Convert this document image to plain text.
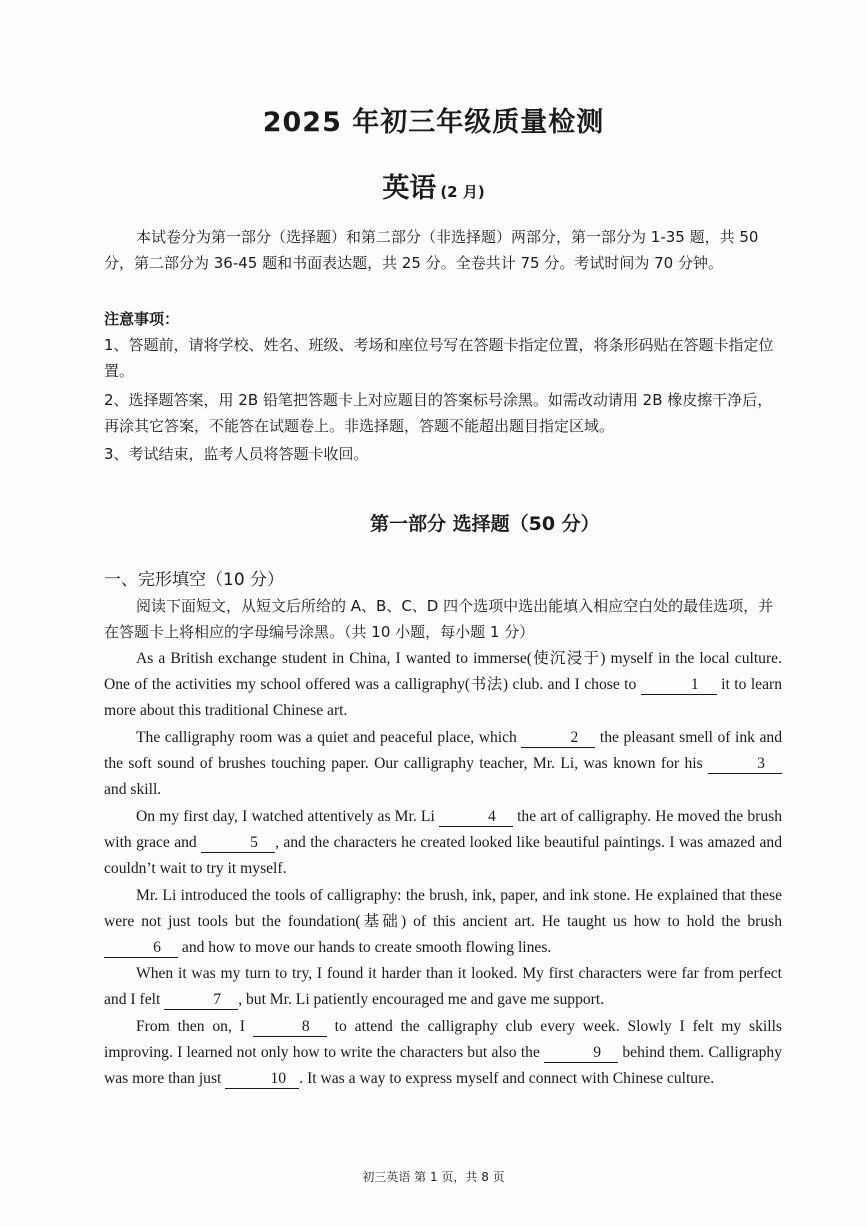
2025 年初三年级质量检测
英语 (2 月)
本试卷分为第一部分（选择题）和第二部分（非选择题）两部分，第一部分为 1-35 题，共 50 分，第二部分为 36-45 题和书面表达题，共 25 分。全卷共计 75 分。考试时间为 70 分钟。
注意事项：
1、答题前，请将学校、姓名、班级、考场和座位号写在答题卡指定位置，将条形码贴在答题卡指定位置。
2、选择题答案，用 2B 铅笔把答题卡上对应题目的答案标号涂黑。如需改动请用 2B 橡皮擦干净后，再涂其它答案，不能答在试题卷上。非选择题，答题不能超出题目指定区域。
3、考试结束，监考人员将答题卡收回。
第一部分 选择题（50 分）
一、完形填空（10 分）
阅读下面短文，从短文后所给的 A、B、C、D 四个选项中选出能填入相应空白处的最佳选项，并在答题卡上将相应的字母编号涂黑。（共 10 小题，每小题 1 分）
As a British exchange student in China, I wanted to immerse(使沉浸于) myself in the local culture. One of the activities my school offered was a calligraphy(书法) club. and I chose to	1 it to learn more about this traditional Chinese art.
The calligraphy room was a quiet and peaceful place, which	2 the pleasant smell of ink and the soft sound of brushes touching paper. Our calligraphy teacher, Mr. Li, was known for his	3 and skill.
On my first day, I watched attentively as Mr. Li	4 the art of calligraphy. He moved the brush with grace and	5 , and the characters he created looked like beautiful paintings. I was amazed and couldn’t wait to try it myself.
Mr. Li introduced the tools of calligraphy: the brush, ink, paper, and ink stone. He explained that these were not just tools but the foundation(基础) of this ancient art. He taught us how to hold the brush 6 and how to move our hands to create smooth flowing lines.
When it was my turn to try, I found it harder than it looked. My first characters were far from perfect and I felt	7 , but Mr. Li patiently encouraged me and gave me support.
From then on, I	8 to attend the calligraphy club every week. Slowly I felt my skills improving. I learned not only how to write the characters but also the	9 behind them. Calligraphy was more than just	10 . It was a way to express myself and connect with Chinese culture.
初三英语 第 1 页，共 8 页
